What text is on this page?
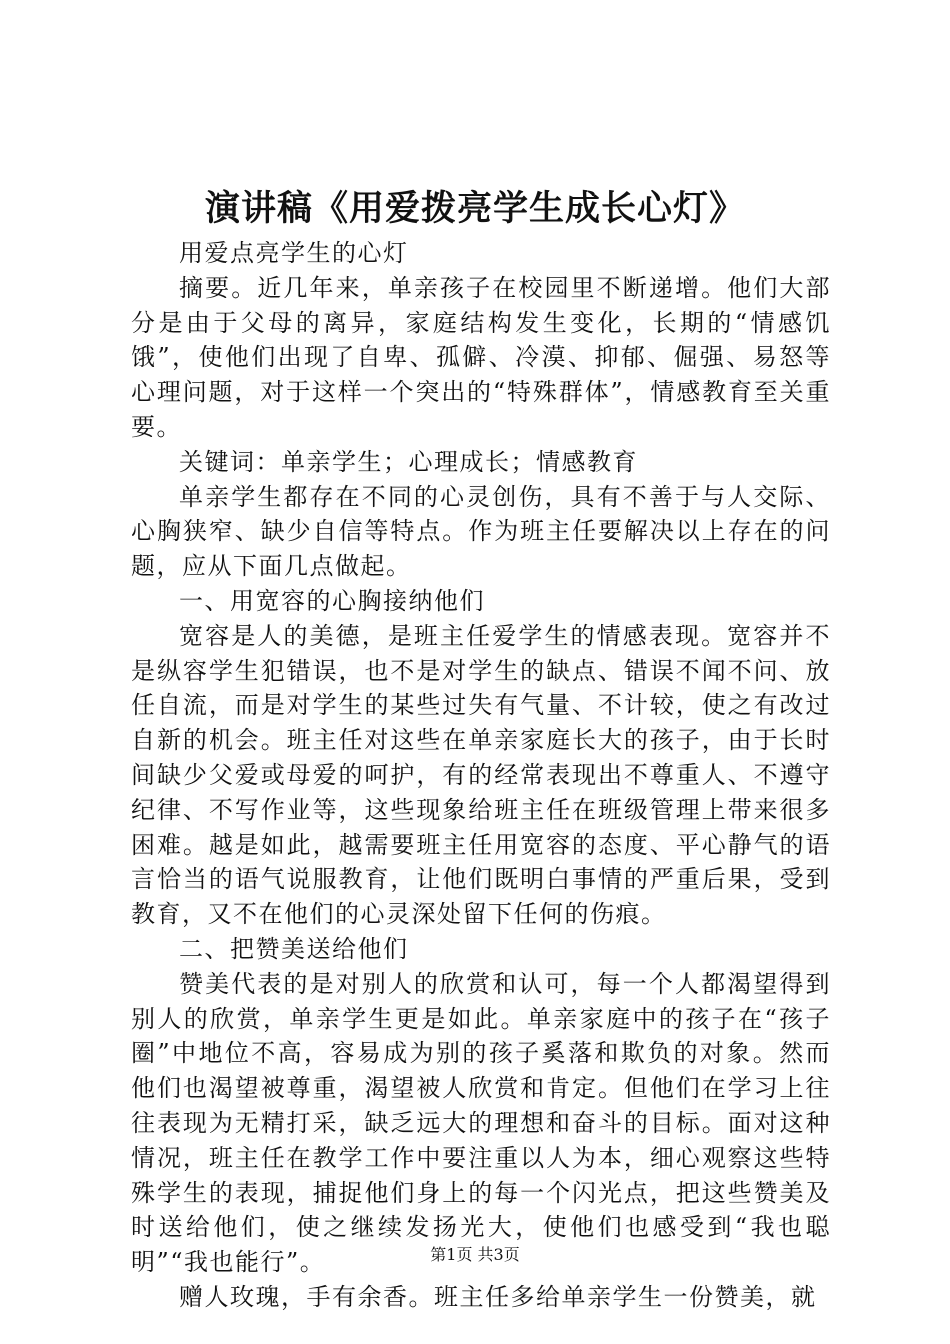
演讲稿《用爱拨亮学生成长心灯》

用爱点亮学生的心灯

摘要。近几年来，单亲孩子在校园里不断递增。他们大部分是由于父母的离异，家庭结构发生变化，长期的“情感饥饿”，使他们出现了自卑、孤僻、冷漠、抑郁、倔强、易怒等心理问题，对于这样一个突出的“特殊群体”，情感教育至关重要。

关键词：单亲学生；心理成长；情感教育

单亲学生都存在不同的心灵创伤，具有不善于与人交际、心胸狭窄、缺少自信等特点。作为班主任要解决以上存在的问题，应从下面几点做起。

一、用宽容的心胸接纳他们

宽容是人的美德，是班主任爱学生的情感表现。宽容并不是纵容学生犯错误，也不是对学生的缺点、错误不闻不问、放任自流，而是对学生的某些过失有气量、不计较，使之有改过自新的机会。班主任对这些在单亲家庭长大的孩子，由于长时间缺少父爱或母爱的呵护，有的经常表现出不尊重人、不遵守纪律、不写作业等，这些现象给班主任在班级管理上带来很多困难。越是如此，越需要班主任用宽容的态度、平心静气的语言恰当的语气说服教育，让他们既明白事情的严重后果，受到教育，又不在他们的心灵深处留下任何的伤痕。

二、把赞美送给他们

赞美代表的是对别人的欣赏和认可，每一个人都渴望得到别人的欣赏，单亲学生更是如此。单亲家庭中的孩子在“孩子圈”中地位不高，容易成为别的孩子奚落和欺负的对象。然而他们也渴望被尊重，渴望被人欣赏和肯定。但他们在学习上往往表现为无精打采，缺乏远大的理想和奋斗的目标。面对这种情况，班主任在教学工作中要注重以人为本，细心观察这些特殊学生的表现，捕捉他们身上的每一个闪光点，把这些赞美及时送给他们，使之继续发扬光大，使他们也感受到“我也聪明”“我也能行”。

赠人玫瑰，手有余香。班主任多给单亲学生一份赞美，就

第1页 共3页
